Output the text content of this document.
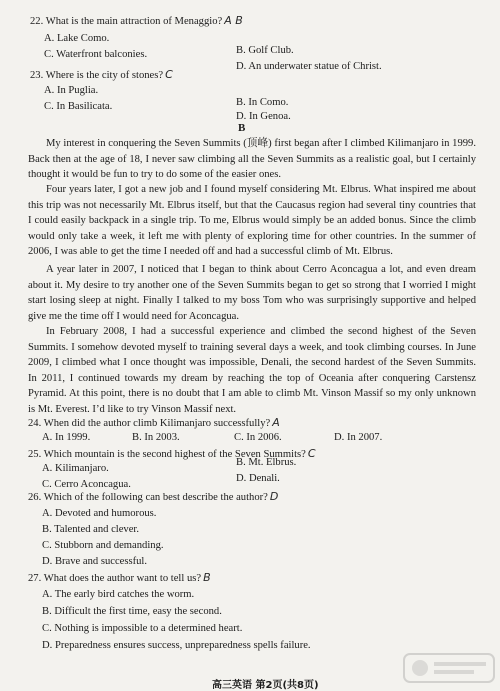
22. What is the main attraction of Menaggio? A B
A. Lake Como.
B. Golf Club.
C. Waterfront balconies.
D. An underwater statue of Christ.
23. Where is the city of stones? C
A. In Puglia.
B. In Como.
C. In Basilicata.
D. In Genoa.
B
My interest in conquering the Seven Summits (顶峰) first began after I climbed Kilimanjaro in 1999. Back then at the age of 18, I never saw climbing all the Seven Summits as a realistic goal, but I certainly thought it would be fun to try to do some of the easier ones.
Four years later, I got a new job and I found myself considering Mt. Elbrus. What inspired me about this trip was not necessarily Mt. Elbrus itself, but that the Caucasus region had several tiny countries that I could easily backpack in a single trip. To me, Elbrus would simply be an added bonus. Since the climb would only take a week, it left me with plenty of exploring time for other countries. In the summer of 2006, I was able to get the time I needed off and had a successful climb of Mt. Elbrus.
A year later in 2007, I noticed that I began to think about Cerro Aconcagua a lot, and even dream about it. My desire to try another one of the Seven Summits began to get so strong that I worried I might start losing sleep at night. Finally I talked to my boss Tom who was surprisingly supportive and helped give me the time off I would need for Aconcagua.
In February 2008, I had a successful experience and climbed the second highest of the Seven Summits. I somehow devoted myself to training several days a week, and took climbing courses. In June 2009, I climbed what I once thought was impossible, Denali, the second hardest of the Seven Summits. In 2011, I continued towards my dream by reaching the top of Oceania after conquering Carstensz Pyramid. At this point, there is no doubt that I am able to climb Mt. Vinson Massif so my only unknown is Mt. Everest. I’d like to try Vinson Massif next.
24. When did the author climb Kilimanjaro successfully? A
A. In 1999.	B. In 2003.	C. In 2006.	D. In 2007.
25. Which mountain is the second highest of the Seven Summits? C
A. Kilimanjaro.
B. Mt. Elbrus.
C. Cerro Aconcagua.
D. Denali.
26. Which of the following can best describe the author? D
A. Devoted and humorous.
B. Talented and clever.
C. Stubborn and demanding.
D. Brave and successful.
27. What does the author want to tell us? B
A. The early bird catches the worm.
B. Difficult the first time, easy the second.
C. Nothing is impossible to a determined heart.
D. Preparedness ensures success, unpreparedness spells failure.
高三英语 第2页(共8页)
